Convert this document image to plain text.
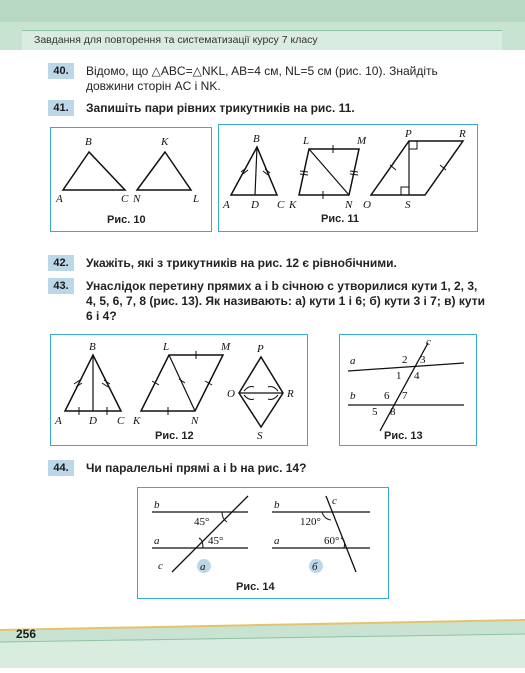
Завдання для повторення та систематизації курсу 7 класу
40.	Відомо, що △ABC=△NKL, AB=4 см, NL=5 см (рис. 10). Знайдіть довжини сторін AC і NK.
41.	Запишіть пари рівних трикутників на рис. 11.
B
A	C
K
N	L
Рис. 10
B
A D C
L	M
K	N
P	R
O	S
Рис. 11
42.	Укажіть, які з трикутників на рис. 12 є рівнобічними.
43.	Унаслідок перетину прямих a і b січною c утворилися кути 1, 2, 3, 4, 5, 6, 7, 8 (рис. 13). Як називають: а) кути 1 і 6; б) кути 3 і 7; в) кути 6 і 4?
B
A D C
L	M
K	N
P
O	R
S
Рис. 12
c
a	2 3
1 4
b	6 7
5 8
Рис. 13
44.	Чи паралельні прямі a і b на рис. 14?
b
45°
a	45°
c	а
b	c
120°
a	60°
б
Рис. 14
256
